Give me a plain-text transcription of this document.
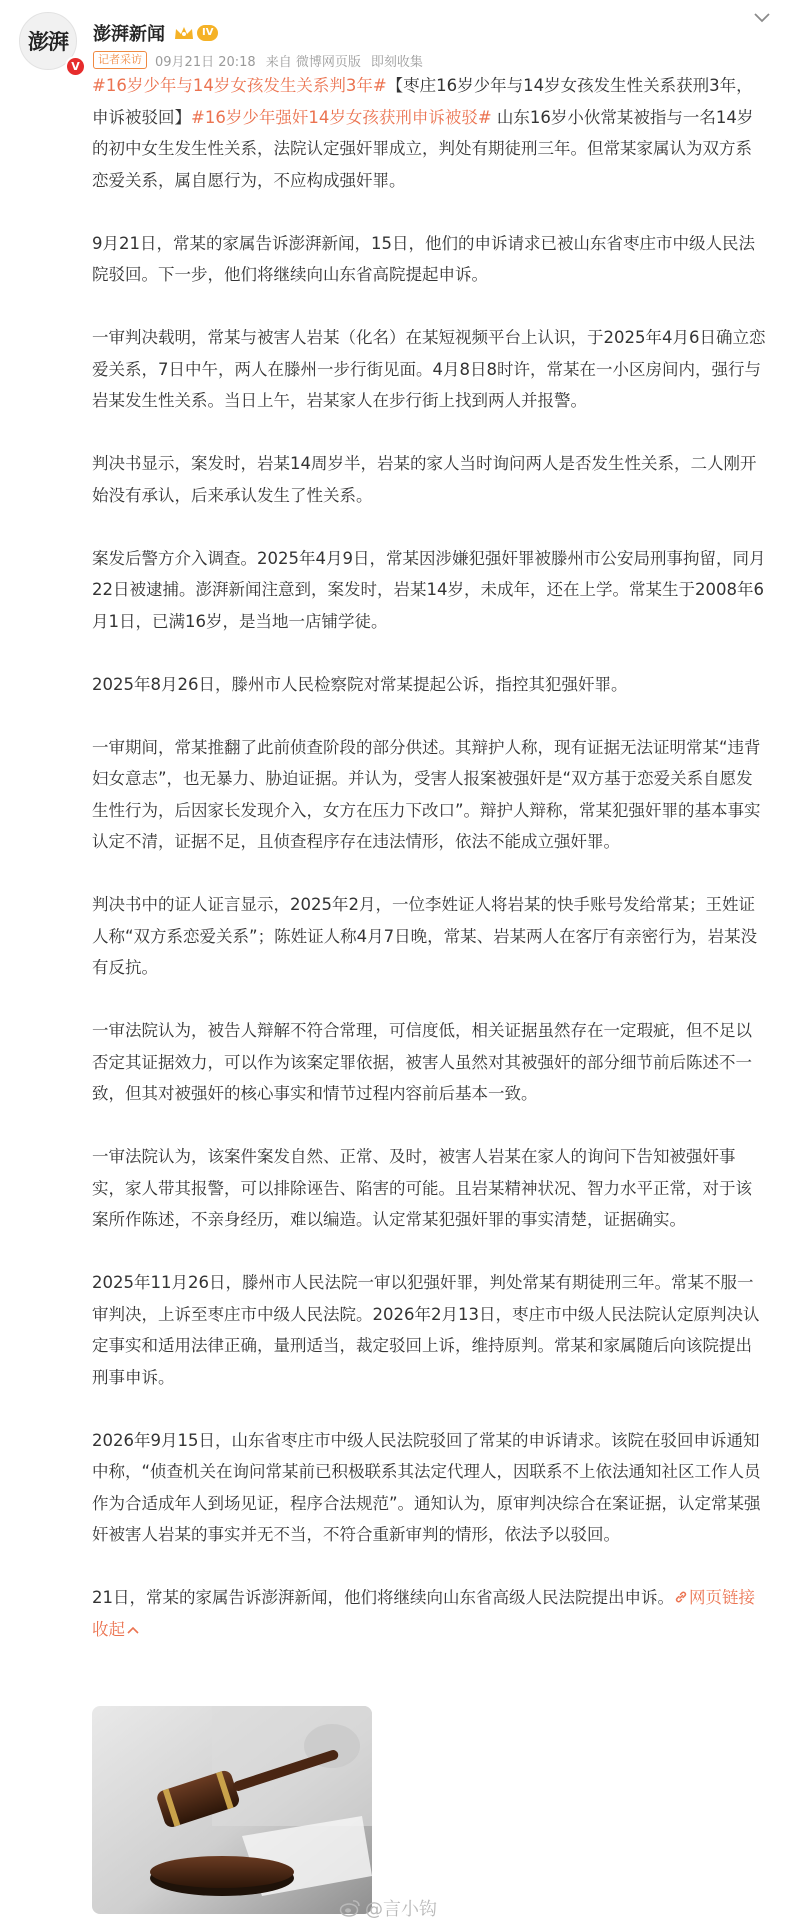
澎湃
V
澎湃新闻	IV
记者采访	09月21日 20:18 来自 微博网页版 即刻收集

#16岁少年与14岁女孩发生关系判3年#【枣庄16岁少年与14岁女孩发生性关系获刑3年，申诉被驳回】#16岁少年强奸14岁女孩获刑申诉被驳# 山东16岁小伙常某被指与一名14岁的初中女生发生性关系，法院认定强奸罪成立，判处有期徒刑三年。但常某家属认为双方系恋爱关系，属自愿行为，不应构成强奸罪。

9月21日，常某的家属告诉澎湃新闻，15日，他们的申诉请求已被山东省枣庄市中级人民法院驳回。下一步，他们将继续向山东省高院提起申诉。

一审判决载明，常某与被害人岩某（化名）在某短视频平台上认识，于2025年4月6日确立恋爱关系，7日中午，两人在滕州一步行街见面。4月8日8时许，常某在一小区房间内，强行与岩某发生性关系。当日上午，岩某家人在步行街上找到两人并报警。

判决书显示，案发时，岩某14周岁半，岩某的家人当时询问两人是否发生性关系，二人刚开始没有承认，后来承认发生了性关系。

案发后警方介入调查。2025年4月9日，常某因涉嫌犯强奸罪被滕州市公安局刑事拘留，同月22日被逮捕。澎湃新闻注意到，案发时，岩某14岁，未成年，还在上学。常某生于2008年6月1日，已满16岁，是当地一店铺学徒。

2025年8月26日，滕州市人民检察院对常某提起公诉，指控其犯强奸罪。

一审期间，常某推翻了此前侦查阶段的部分供述。其辩护人称，现有证据无法证明常某“违背妇女意志”，也无暴力、胁迫证据。并认为，受害人报案被强奸是“双方基于恋爱关系自愿发生性行为，后因家长发现介入，女方在压力下改口”。辩护人辩称，常某犯强奸罪的基本事实认定不清，证据不足，且侦查程序存在违法情形，依法不能成立强奸罪。

判决书中的证人证言显示，2025年2月，一位李姓证人将岩某的快手账号发给常某；王姓证人称“双方系恋爱关系”；陈姓证人称4月7日晚，常某、岩某两人在客厅有亲密行为，岩某没有反抗。

一审法院认为，被告人辩解不符合常理，可信度低，相关证据虽然存在一定瑕疵，但不足以否定其证据效力，可以作为该案定罪依据，被害人虽然对其被强奸的部分细节前后陈述不一致，但其对被强奸的核心事实和情节过程内容前后基本一致。

一审法院认为，该案件案发自然、正常、及时，被害人岩某在家人的询问下告知被强奸事实，家人带其报警，可以排除诬告、陷害的可能。且岩某精神状况、智力水平正常，对于该案所作陈述，不亲身经历，难以编造。认定常某犯强奸罪的事实清楚，证据确实。

2025年11月26日，滕州市人民法院一审以犯强奸罪，判处常某有期徒刑三年。常某不服一审判决，上诉至枣庄市中级人民法院。2026年2月13日，枣庄市中级人民法院认定原判决认定事实和适用法律正确，量刑适当，裁定驳回上诉，维持原判。常某和家属随后向该院提出刑事申诉。

2026年9月15日，山东省枣庄市中级人民法院驳回了常某的申诉请求。该院在驳回申诉通知中称，“侦查机关在询问常某前已积极联系其法定代理人，因联系不上依法通知社区工作人员作为合适成年人到场见证，程序合法规范”。通知认为，原审判决综合在案证据，认定常某强奸被害人岩某的事实并无不当，不符合重新审判的情形，依法予以驳回。

21日，常某的家属告诉澎湃新闻，他们将继续向山东省高级人民法院提出申诉。 网页链接 收起

@言小钩
